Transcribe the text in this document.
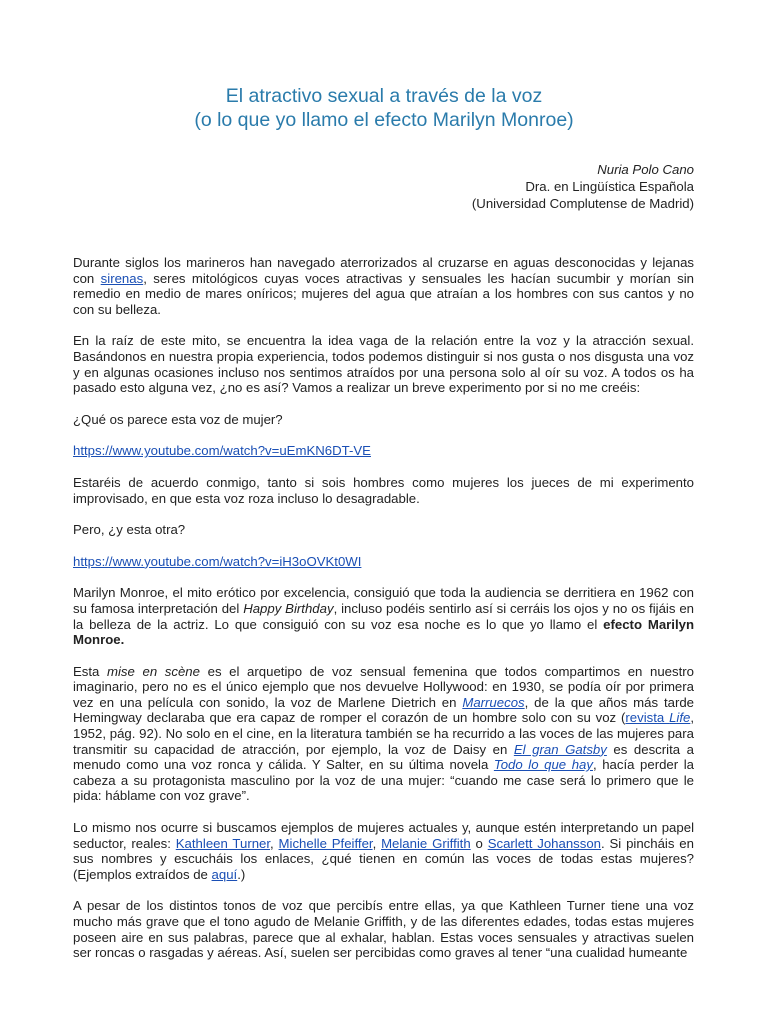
El atractivo sexual a través de la voz
(o lo que yo llamo el efecto Marilyn Monroe)
Nuria Polo Cano
Dra. en Lingüística Española
(Universidad Complutense de Madrid)

Durante siglos los marineros han navegado aterrorizados al cruzarse en aguas desconocidas y lejanas con sirenas, seres mitológicos cuyas voces atractivas y sensuales les hacían sucumbir y morían sin remedio en medio de mares oníricos; mujeres del agua que atraían a los hombres con sus cantos y no con su belleza.

En la raíz de este mito, se encuentra la idea vaga de la relación entre la voz y la atracción sexual. Basándonos en nuestra propia experiencia, todos podemos distinguir si nos gusta o nos disgusta una voz y en algunas ocasiones incluso nos sentimos atraídos por una persona solo al oír su voz. A todos os ha pasado esto alguna vez, ¿no es así? Vamos a realizar un breve experimento por si no me creéis:

¿Qué os parece esta voz de mujer?

https://www.youtube.com/watch?v=uEmKN6DT-VE

Estaréis de acuerdo conmigo, tanto si sois hombres como mujeres los jueces de mi experimento improvisado, en que esta voz roza incluso lo desagradable.

Pero, ¿y esta otra?

https://www.youtube.com/watch?v=iH3oOVKt0WI

Marilyn Monroe, el mito erótico por excelencia, consiguió que toda la audiencia se derritiera en 1962 con su famosa interpretación del Happy Birthday, incluso podéis sentirlo así si cerráis los ojos y no os fijáis en la belleza de la actriz. Lo que consiguió con su voz esa noche es lo que yo llamo el efecto Marilyn Monroe.

Esta mise en scène es el arquetipo de voz sensual femenina que todos compartimos en nuestro imaginario, pero no es el único ejemplo que nos devuelve Hollywood: en 1930, se podía oír por primera vez en una película con sonido, la voz de Marlene Dietrich en Marruecos, de la que años más tarde Hemingway declaraba que era capaz de romper el corazón de un hombre solo con su voz (revista Life, 1952, pág. 92). No solo en el cine, en la literatura también se ha recurrido a las voces de las mujeres para transmitir su capacidad de atracción, por ejemplo, la voz de Daisy en El gran Gatsby es descrita a menudo como una voz ronca y cálida. Y Salter, en su última novela Todo lo que hay, hacía perder la cabeza a su protagonista masculino por la voz de una mujer: “cuando me case será lo primero que le pida: háblame con voz grave”.

Lo mismo nos ocurre si buscamos ejemplos de mujeres actuales y, aunque estén interpretando un papel seductor, reales: Kathleen Turner, Michelle Pfeiffer, Melanie Griffith o Scarlett Johansson. Si pincháis en sus nombres y escucháis los enlaces, ¿qué tienen en común las voces de todas estas mujeres? (Ejemplos extraídos de aquí.)

A pesar de los distintos tonos de voz que percibís entre ellas, ya que Kathleen Turner tiene una voz mucho más grave que el tono agudo de Melanie Griffith, y de las diferentes edades, todas estas mujeres poseen aire en sus palabras, parece que al exhalar, hablan. Estas voces sensuales y atractivas suelen ser roncas o rasgadas y aéreas. Así, suelen ser percibidas como graves al tener “una cualidad humeante
